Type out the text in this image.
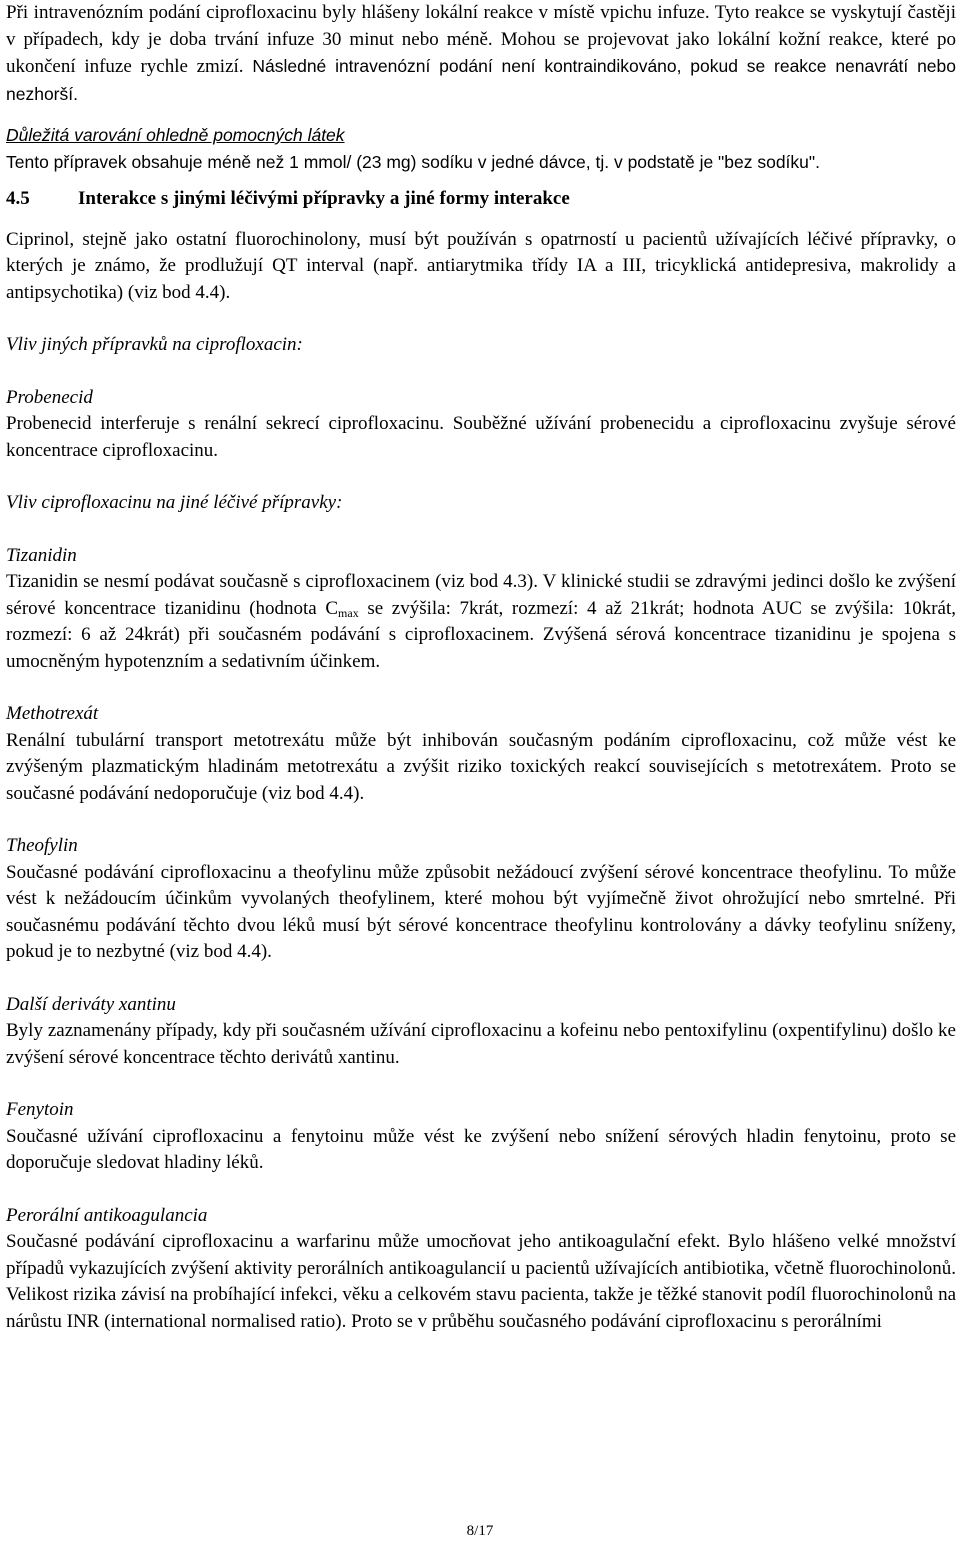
Při intravenózním podání ciprofloxacinu byly hlášeny lokální reakce v místě vpichu infuze. Tyto reakce se vyskytují častěji v případech, kdy je doba trvání infuze 30 minut nebo méně. Mohou se projevovat jako lokální kožní reakce, které po ukončení infuze rychle zmizí. Následné intravenózní podání není kontraindikováno, pokud se reakce nenavrátí nebo nezhorší.

Důležitá varování ohledně pomocných látek

Tento přípravek obsahuje méně než 1 mmol/ (23 mg) sodíku v jedné dávce, tj. v podstatě je "bez sodíku".

4.5	Interakce s jinými léčivými přípravky a jiné formy interakce

Ciprinol, stejně jako ostatní fluorochinolony, musí být používán s opatrností u pacientů užívajících léčivé přípravky, o kterých je známo, že prodlužují QT interval (např. antiarytmika třídy IA a III, tricyklická antidepresiva, makrolidy a antipsychotika) (viz bod 4.4).

Vliv jiných přípravků na ciprofloxacin:

Probenecid

Probenecid interferuje s renální sekrecí ciprofloxacinu. Souběžné užívání probenecidu a ciprofloxacinu zvyšuje sérové koncentrace ciprofloxacinu.

Vliv ciprofloxacinu na jiné léčivé přípravky:

Tizanidin

Tizanidin se nesmí podávat současně s ciprofloxacinem (viz bod 4.3). V klinické studii se zdravými jedinci došlo ke zvýšení sérové koncentrace tizanidinu (hodnota $C_{max}$ se zvýšila: 7krát, rozmezí: 4 až 21krát; hodnota AUC se zvýšila: 10krát, rozmezí: 6 až 24krát) při současném podávání s ciprofloxacinem. Zvýšená sérová koncentrace tizanidinu je spojena s umocněným hypotenzním a sedativním účinkem.

Methotrexát

Renální tubulární transport metotrexátu může být inhibován současným podáním ciprofloxacinu, což může vést ke zvýšeným plazmatickým hladinám metotrexátu a zvýšit riziko toxických reakcí souvisejících s metotrexátem. Proto se současné podávání nedoporučuje (viz bod 4.4).

Theofylin

Současné podávání ciprofloxacinu a theofylinu může způsobit nežádoucí zvýšení sérové koncentrace theofylinu. To může vést k nežádoucím účinkům vyvolaných theofylinem, které mohou být vyjímečně život ohrožující nebo smrtelné. Při současnému podávání těchto dvou léků musí být sérové koncentrace theofylinu kontrolovány a dávky teofylinu sníženy, pokud je to nezbytné (viz bod 4.4).

Další deriváty xantinu

Byly zaznamenány případy, kdy při současném užívání ciprofloxacinu a kofeinu nebo pentoxifylinu (oxpentifylinu) došlo ke zvýšení sérové koncentrace těchto derivátů xantinu.

Fenytoin

Současné užívání ciprofloxacinu a fenytoinu může vést ke zvýšení nebo snížení sérových hladin fenytoinu, proto se doporučuje sledovat hladiny léků.

Perorální antikoagulancia

Současné podávání ciprofloxacinu a warfarinu může umocňovat jeho antikoagulační efekt. Bylo hlášeno velké množství případů vykazujících zvýšení aktivity perorálních antikoagulancií u pacientů užívajících antibiotika, včetně fluorochinolonů. Velikost rizika závisí na probíhající infekci, věku a celkovém stavu pacienta, takže je těžké stanovit podíl fluorochinolonů na nárůstu INR (international normalised ratio). Proto se v průběhu současného podávání ciprofloxacinu s perorálními

8/17
